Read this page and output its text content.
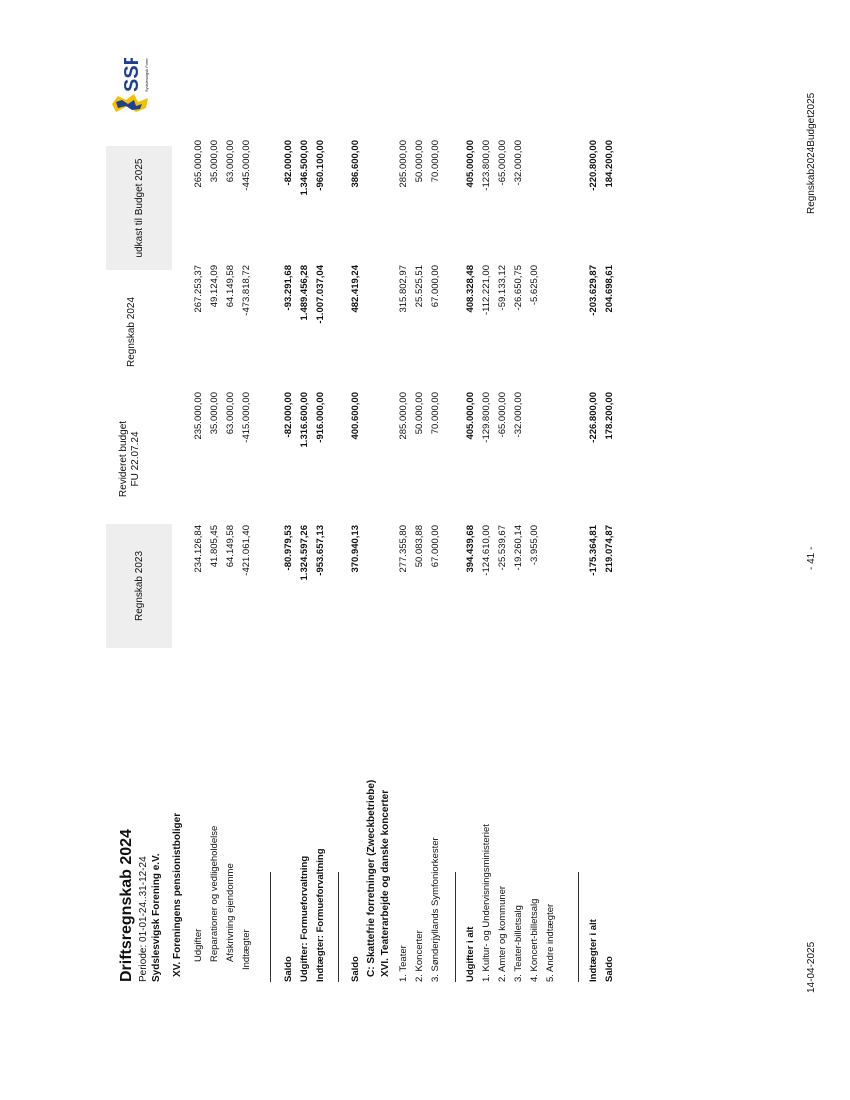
Driftsregnskab 2024 Periode: 01-01-24..31-12-24 Sydslesvigsk Forening e.V.
Regnskab 2023
Revideret budget FU 22.07.24
Regnskab 2024
udkast til Budget 2025
SSF Sydslesvigsk Forening
14-04-2025
- 41 -
Regnskab2024Budget2025
XV. Foreningens pensionistboliger	C: Skattefrie forretninger (Zweckbetriebe) XVI. Teaterarbejde og danske koncerter
Udgifter
234.126,84
235.000,00
267.253,37
265.000,00
Reparationer og vedligeholdelse
41.805,45
35.000,00
49.124,09
35.000,00
Afskrivning ejendomme
64.149,58
63.000,00
64.149,58
63.000,00
Indtægter
-421.061,40
-415.000,00
-473.818,72
-445.000,00
Saldo
-80.979,53
-82.000,00
-93.291,68
-82.000,00
Udgifter: Formueforvaltning
1.324.597,26
1.316.600,00
1.489.456,28
1.346.500,00
Indtægter: Formueforvaltning
-953.657,13
-916.000,00
-1.007.037,04
-960.100,00
Saldo
370.940,13
400.600,00
482.419,24
386.600,00
1. Teater
277.355,80
285.000,00
315.802,97
285.000,00
2. Koncerter
50.083,88
50.000,00
25.525,51
50.000,00
3. Sønderjyllands Symfoniorkester
67.000,00
70.000,00
67.000,00
70.000,00
Udgifter i alt
394.439,68
405.000,00
408.328,48
405.000,00
1. Kultur- og Undervisningsministeriet
-124.610,00
-129.800,00
-112.221,00
-123.800,00
2. Amter og kommuner
-25.539,67
-65.000,00
-59.133,12
-65.000,00
3. Teater-billetsalg
-19.260,14
-32.000,00
-26.650,75
-32.000,00
4. Koncert-billetsalg
-3.955,00
-5.625,00
5. Andre indtægter	Indtægter i alt
-175.364,81
-226.800,00
-203.629,87
-220.800,00
Saldo
219.074,87
178.200,00
204.698,61
184.200,00
